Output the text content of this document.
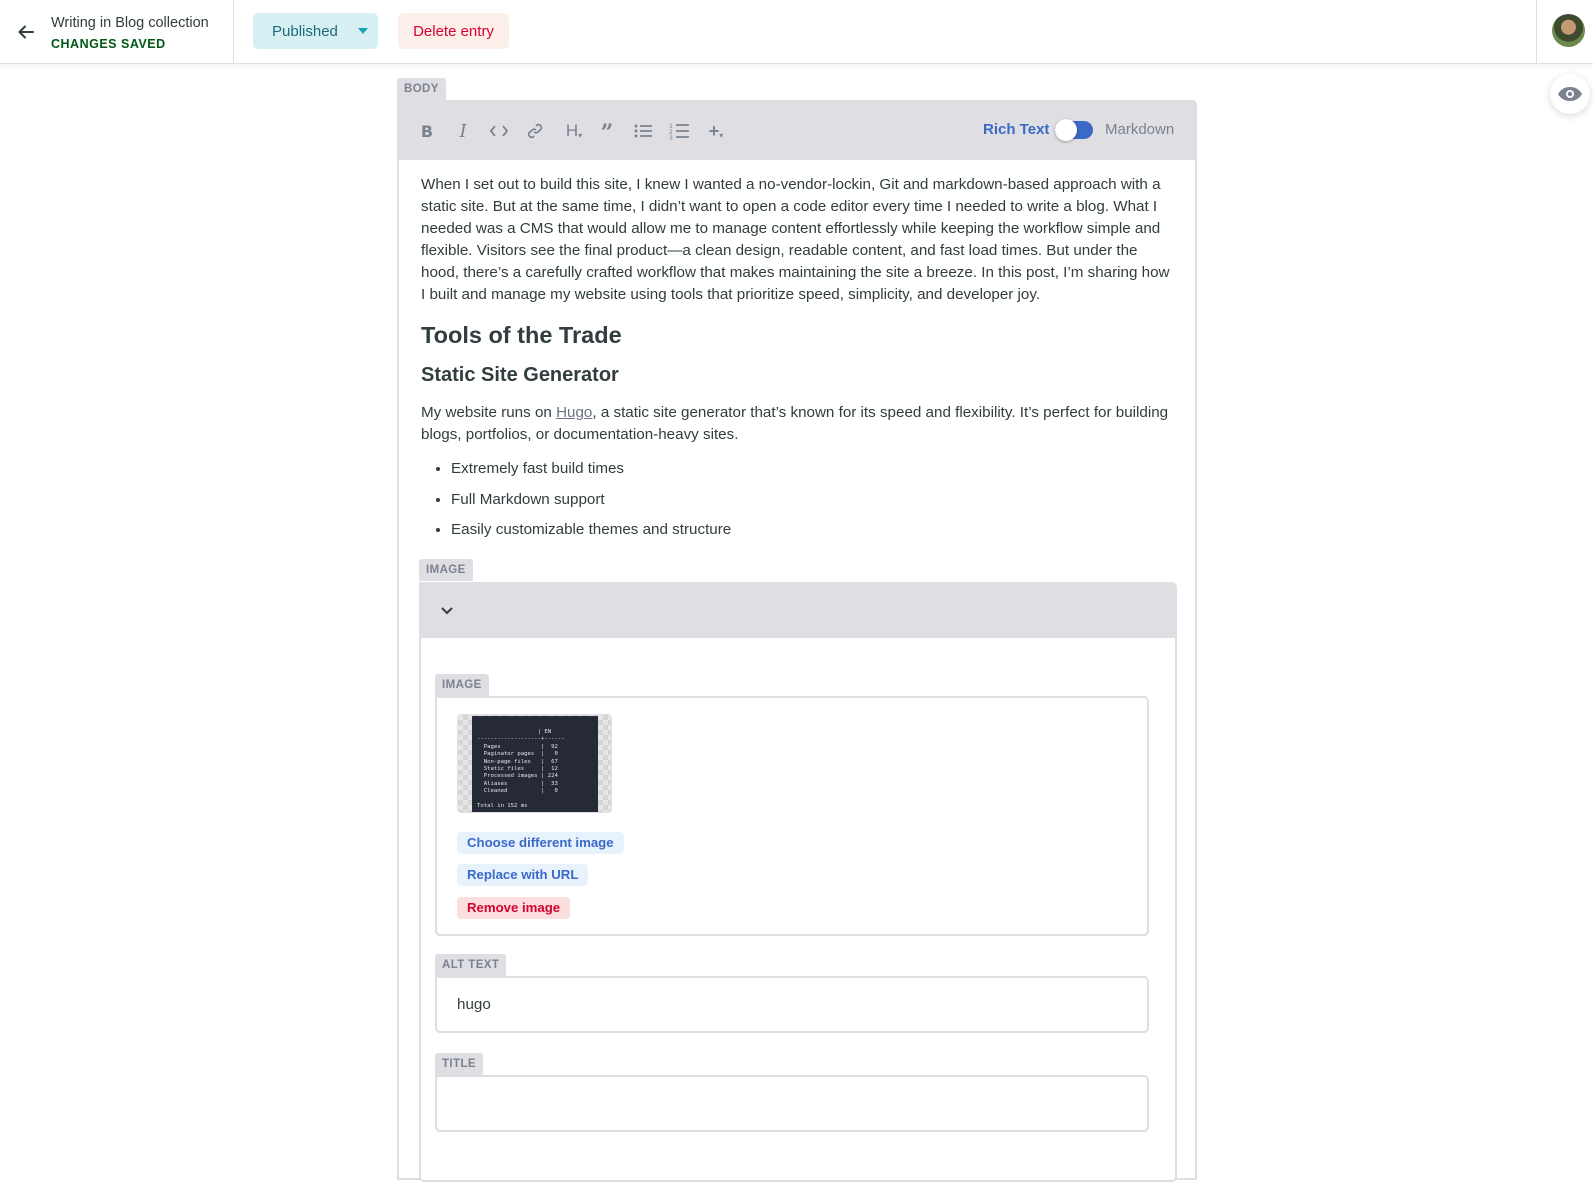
Writing in Blog collection
CHANGES SAVED
Published	Delete entry
BODY
B I	H ▾ ”	1
2
3 + ▾	Rich Text	Markdown

When I set out to build this site, I knew I wanted a no-vendor-lockin, Git and markdown-based approach with a static site. But at the same time, I didn’t want to open a code editor every time I needed to write a blog. What I needed was a CMS that would allow me to manage content effortlessly while keeping the workflow simple and flexible. Visitors see the final product—a clean design, readable content, and fast load times. But under the hood, there’s a carefully crafted workflow that makes maintaining the site a breeze. In this post, I’m sharing how I built and manage my website using tools that prioritize speed, simplicity, and developer joy.

Tools of the Trade
Static Site Generator

My website runs on Hugo, a static site generator that’s known for its speed and flexibility. It’s perfect for building blogs, portfolios, or documentation-heavy sites.

• Extremely fast build times
• Full Markdown support
• Easily customizable themes and structure
IMAGE
IMAGE
| EN
-------------------+------
Pages            |  92
Paginator pages  |   0
Non-page files   |  67
Static files     |  12
Processed images | 224
Aliases          |  33
Cleaned          |   0

Total in 152 ms
Choose different image
Replace with URL
Remove image
ALT TEXT
hugo
TITLE
